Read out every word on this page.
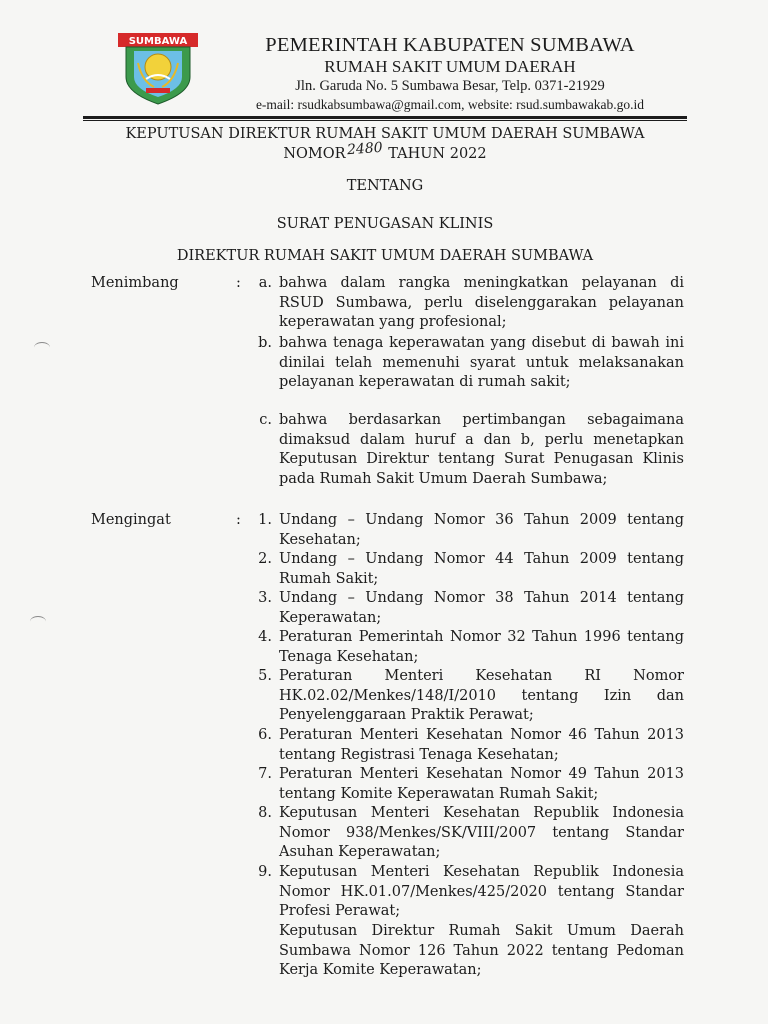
SUMBAWA	PEMERINTAH KABUPATEN SUMBAWA
RUMAH SAKIT UMUM DAERAH
Jln. Garuda No. 5 Sumbawa Besar, Telp. 0371-21929
e-mail: rsudkabsumbawa@gmail.com, website: rsud.sumbawakab.go.id
KEPUTUSAN DIREKTUR RUMAH SAKIT UMUM DAERAH SUMBAWA
NOMOR2480 TAHUN 2022
TENTANG
SURAT PENUGASAN KLINIS
DIREKTUR RUMAH SAKIT UMUM DAERAH SUMBAWA
Menimbang	:	a. bahwa dalam rangka meningkatkan pelayanan di RSUD Sumbawa, perlu diselenggarakan pelayanan keperawatan yang profesional;
b. bahwa tenaga keperawatan yang disebut di bawah ini dinilai telah memenuhi syarat untuk melaksanakan pelayanan keperawatan di rumah sakit;
c. bahwa berdasarkan pertimbangan sebagaimana dimaksud dalam huruf a dan b, perlu menetapkan Keputusan Direktur tentang Surat Penugasan Klinis pada Rumah Sakit Umum Daerah Sumbawa;
Mengingat	:	1. Undang – Undang Nomor 36 Tahun 2009 tentang Kesehatan;
2. Undang – Undang Nomor 44 Tahun 2009 tentang Rumah Sakit;
3. Undang – Undang Nomor 38 Tahun 2014 tentang Keperawatan;
4. Peraturan Pemerintah Nomor 32 Tahun 1996 tentang Tenaga Kesehatan;
5. Peraturan Menteri Kesehatan RI Nomor HK.02.02/Menkes/148/I/2010 tentang Izin dan Penyelenggaraan Praktik Perawat;
6. Peraturan Menteri Kesehatan Nomor 46 Tahun 2013 tentang Registrasi Tenaga Kesehatan;
7. Peraturan Menteri Kesehatan Nomor 49 Tahun 2013 tentang Komite Keperawatan Rumah Sakit;
8. Keputusan Menteri Kesehatan Republik Indonesia Nomor 938/Menkes/SK/VIII/2007 tentang Standar Asuhan Keperawatan;
9. Keputusan Menteri Kesehatan Republik Indonesia Nomor HK.01.07/Menkes/425/2020 tentang Standar Profesi Perawat;
Keputusan Direktur Rumah Sakit Umum Daerah Sumbawa Nomor 126 Tahun 2022 tentang Pedoman Kerja Komite Keperawatan;
